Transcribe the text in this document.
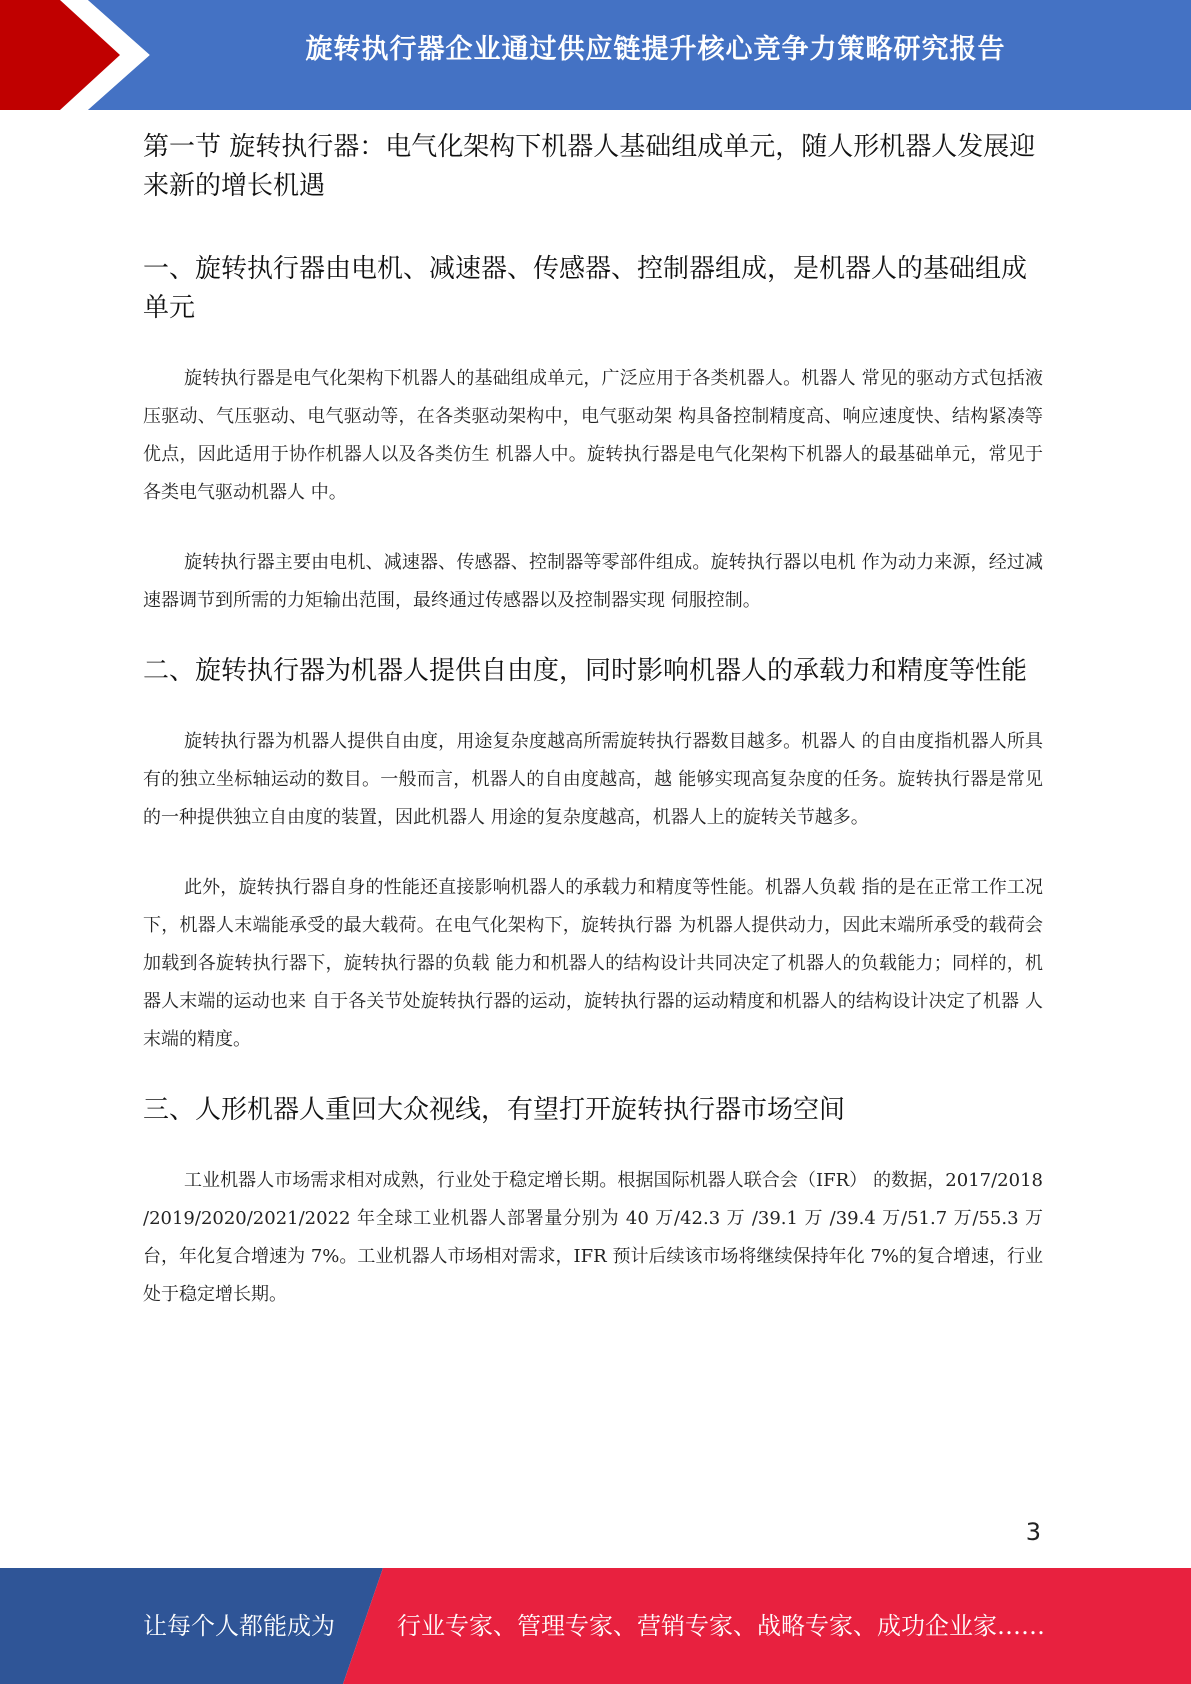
旋转执行器企业通过供应链提升核心竞争力策略研究报告
第一节 旋转执行器：电气化架构下机器人基础组成单元，随人形机器人发展迎来新的增长机遇
一、旋转执行器由电机、减速器、传感器、控制器组成，是机器人的基础组成 单元

旋转执行器是电气化架构下机器人的基础组成单元，广泛应用于各类机器人。机器人 常见的驱动方式包括液压驱动、气压驱动、电气驱动等，在各类驱动架构中，电气驱动架 构具备控制精度高、响应速度快、结构紧凑等优点，因此适用于协作机器人以及各类仿生 机器人中。旋转执行器是电气化架构下机器人的最基础单元，常见于各类电气驱动机器人 中。

旋转执行器主要由电机、减速器、传感器、控制器等零部件组成。旋转执行器以电机 作为动力来源，经过减速器调节到所需的力矩输出范围，最终通过传感器以及控制器实现 伺服控制。

二、旋转执行器为机器人提供自由度，同时影响机器人的承载力和精度等性能

旋转执行器为机器人提供自由度，用途复杂度越高所需旋转执行器数目越多。机器人 的自由度指机器人所具有的独立坐标轴运动的数目。一般而言，机器人的自由度越高，越 能够实现高复杂度的任务。旋转执行器是常见的一种提供独立自由度的装置，因此机器人 用途的复杂度越高，机器人上的旋转关节越多。

此外，旋转执行器自身的性能还直接影响机器人的承载力和精度等性能。机器人负载 指的是在正常工作工况下，机器人末端能承受的最大载荷。在电气化架构下，旋转执行器 为机器人提供动力，因此末端所承受的载荷会加载到各旋转执行器下，旋转执行器的负载 能力和机器人的结构设计共同决定了机器人的负载能力；同样的，机器人末端的运动也来 自于各关节处旋转执行器的运动，旋转执行器的运动精度和机器人的结构设计决定了机器 人末端的精度。

三、人形机器人重回大众视线，有望打开旋转执行器市场空间

工业机器人市场需求相对成熟，行业处于稳定增长期。根据国际机器人联合会（IFR） 的数据，2017/2018 /2019/2020/2021/2022 年全球工业机器人部署量分别为 40 万/42.3 万 /39.1 万 /39.4 万/51.7 万/55.3 万台，年化复合增速为 7%。工业机器人市场相对需求，IFR 预计后续该市场将继续保持年化 7%的复合增速，行业处于稳定增长期。

3
让每个人都能成为	行业专家、管理专家、营销专家、战略专家、成功企业家……
